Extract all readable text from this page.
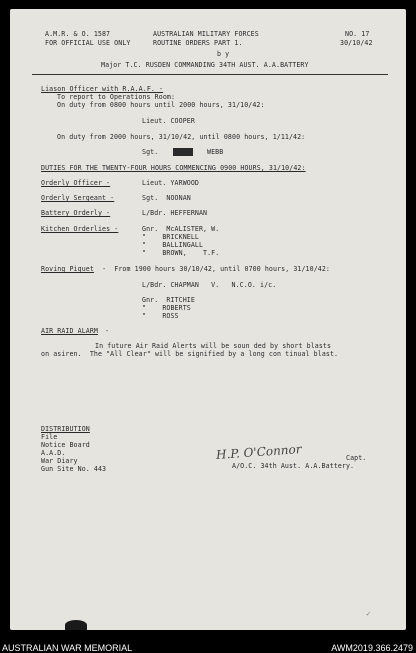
A.M.R. & O. 1587
FOR OFFICIAL USE ONLY
AUSTRALIAN MILITARY FORCES
ROUTINE ORDERS PART 1.
b y
NO. 17
30/10/42
Major T.C. RUSDEN COMMANDING 34TH AUST. A.A.BATTERY
Liason Officer with R.A.A.F. -
To report to Operations Room:
On duty from 0800 hours until 2000 hours, 31/10/42:
Lieut. COOPER
On duty from 2000 hours, 31/10/42, until 0800 hours, 1/11/42:
Sgt. BROWN WEBB
DUTIES FOR THE TWENTY-FOUR HOURS COMMENCING 0900 HOURS, 31/10/42:
Orderly Officer -	Lieut. YARWOOD
Orderly Sergeant -	Sgt.  NOONAN
Battery Orderly -	L/Bdr. HEFFERNAN
Kitchen Orderlies -	Gnr.  McALISTER, W.
"    BRICKNELL
"    BALLINGALL
"    BROWN,    T.F.
Roving Piquet -  From 1900 hours 30/10/42, until 0700 hours, 31/10/42:
L/Bdr. CHAPMAN   V.   N.C.O. i/c.
Gnr.  RITCHIE
"    ROBERTS
"    ROSS
AIR RAID ALARM -
In future Air Raid Alerts will be soun ded by short blasts
on asiren.  The "All Clear" will be signified by a long con tinual blast.
DISTRIBUTION
File
Notice Board
A.A.D.
War Diary
Gun Site No. 443
H.P. O'Connor	Capt.
A/O.C. 34th Aust. A.A.Battery.
✓
AUSTRALIAN WAR MEMORIAL	AWM2019.366.2479
